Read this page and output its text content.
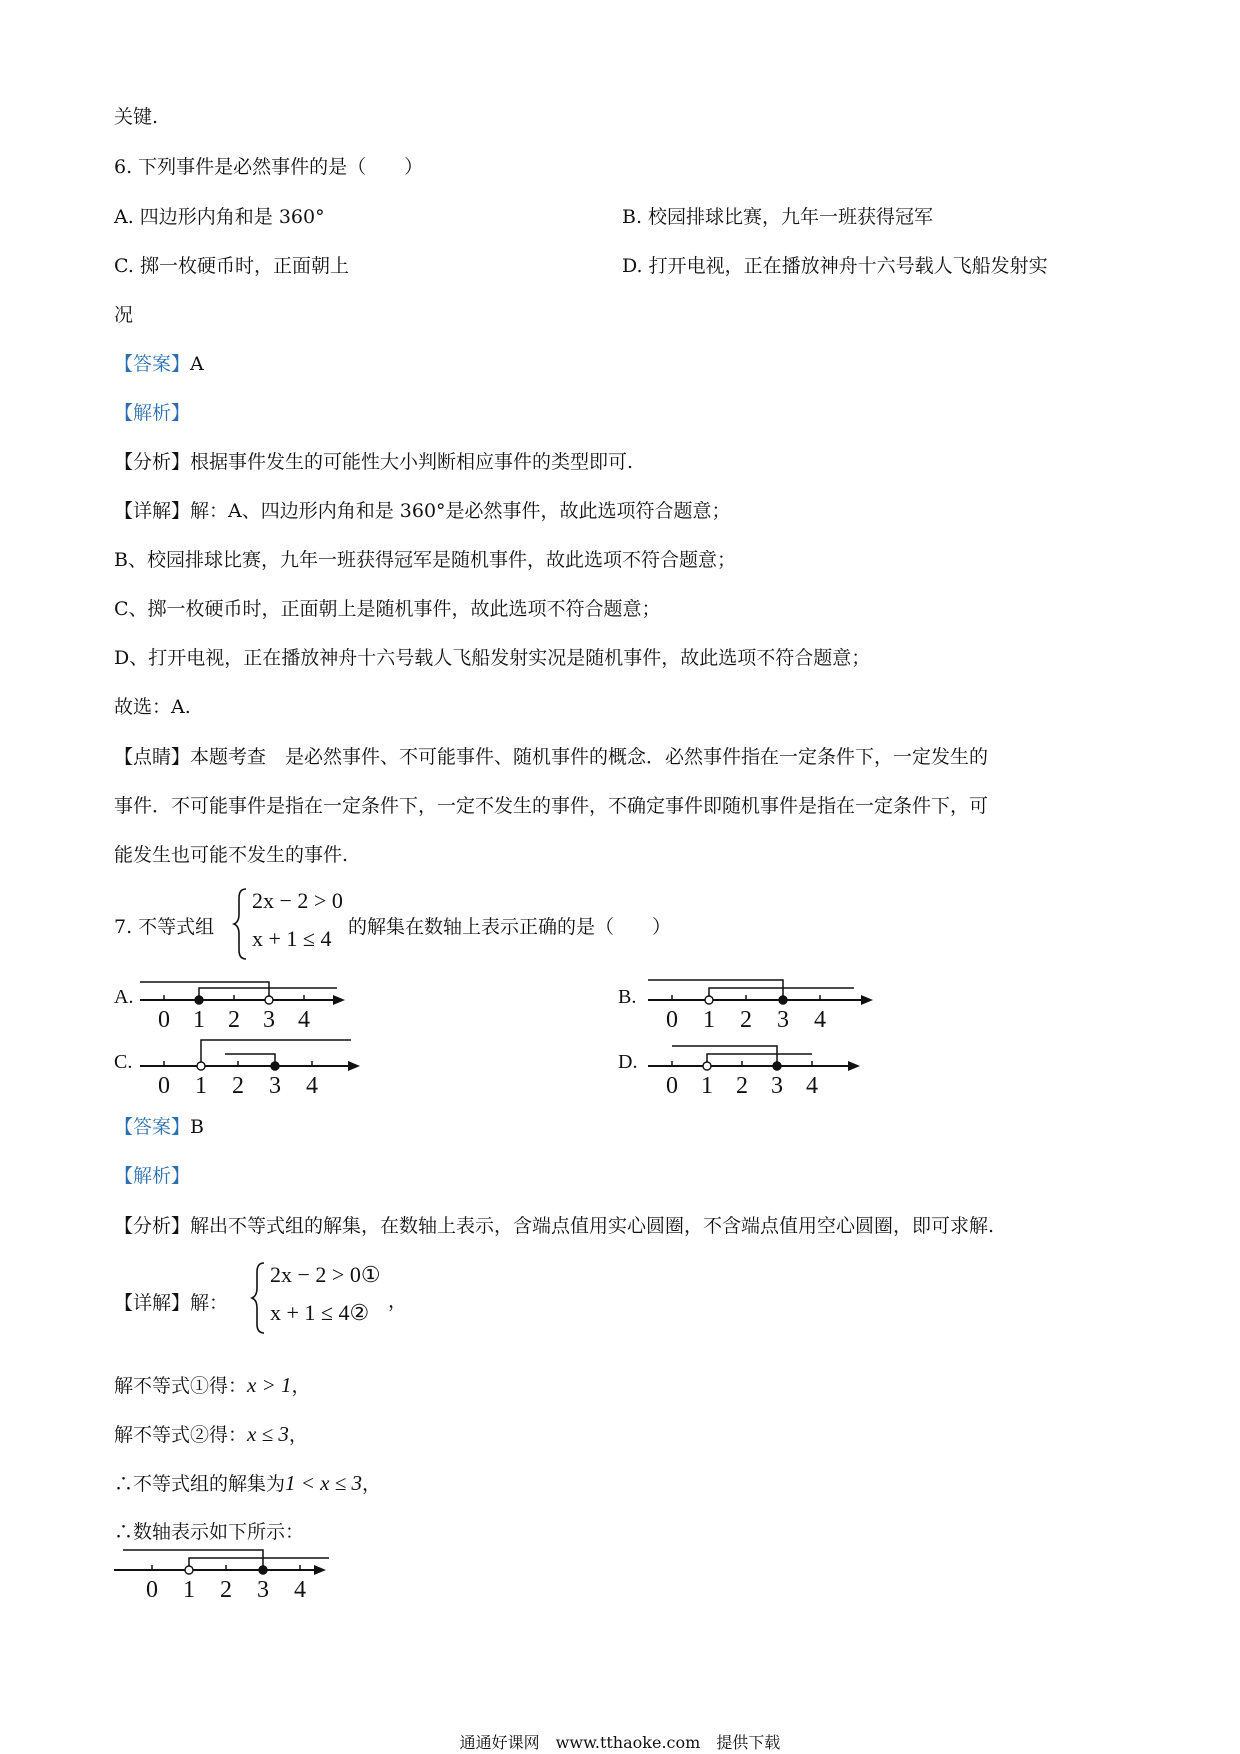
关键.
6. 下列事件是必然事件的是（　　）
A. 四边形内角和是 360°	B. 校园排球比赛，九年一班获得冠军
C. 掷一枚硬币时，正面朝上	D. 打开电视，正在播放神舟十六号载人飞船发射实
况
【答案】A
【解析】
【分析】根据事件发生的可能性大小判断相应事件的类型即可.
【详解】解：A、四边形内角和是 360°是必然事件，故此选项符合题意；
B、校园排球比赛，九年一班获得冠军是随机事件，故此选项不符合题意；
C、掷一枚硬币时，正面朝上是随机事件，故此选项不符合题意；
D、打开电视，正在播放神舟十六号载人飞船发射实况是随机事件，故此选项不符合题意；
故选：A.
【点睛】本题考查　是必然事件、不可能事件、随机事件的概念．必然事件指在一定条件下，一定发生的
事件．不可能事件是指在一定条件下，一定不发生的事件，不确定事件即随机事件是指在一定条件下，可
能发生也可能不发生的事件.
7. 不等式组
2x − 2 > 0
x + 1 ≤ 4 的解集在数轴上表示正确的是（　　）
A.
0 1 2 3 4
B.
0 1 2 3 4
C.
0 1 2 3 4
D.
0 1 2 3 4
【答案】B
【解析】
【分析】解出不等式组的解集，在数轴上表示，含端点值用实心圆圈，不含端点值用空心圆圈，即可求解.
【详解】解：
2x − 2 > 0①
x + 1 ≤ 4② ，
解不等式①得：x > 1，
解不等式②得：x ≤ 3，
∴不等式组的解集为1 < x ≤ 3，
∴数轴表示如下所示：
0 1 2 3 4
通通好课网　www.tthaoke.com　提供下载
